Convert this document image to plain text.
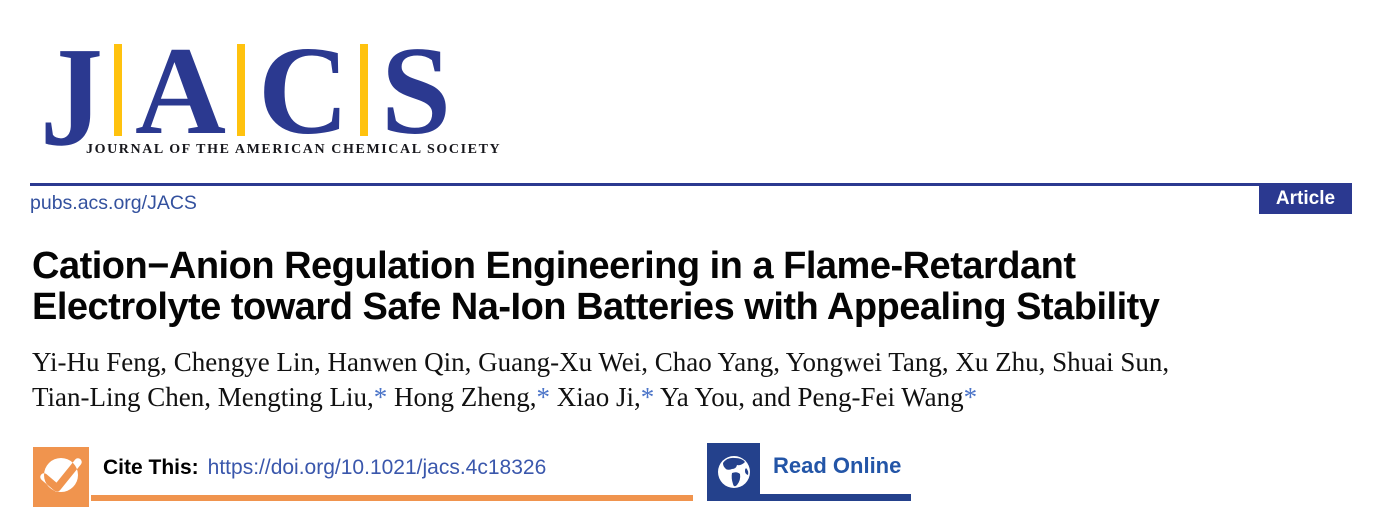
J A C S
JOURNAL OF THE AMERICAN CHEMICAL SOCIETY
Article
pubs.acs.org/JACS
Cation−Anion Regulation Engineering in a Flame-Retardant
Electrolyte toward Safe Na-Ion Batteries with Appealing Stability
Yi-Hu Feng, Chengye Lin, Hanwen Qin, Guang-Xu Wei, Chao Yang, Yongwei Tang, Xu Zhu, Shuai Sun,
Tian-Ling Chen, Mengting Liu,* Hong Zheng,* Xiao Ji,* Ya You, and Peng-Fei Wang*
Cite This: https://doi.org/10.1021/jacs.4c18326	Read Online
